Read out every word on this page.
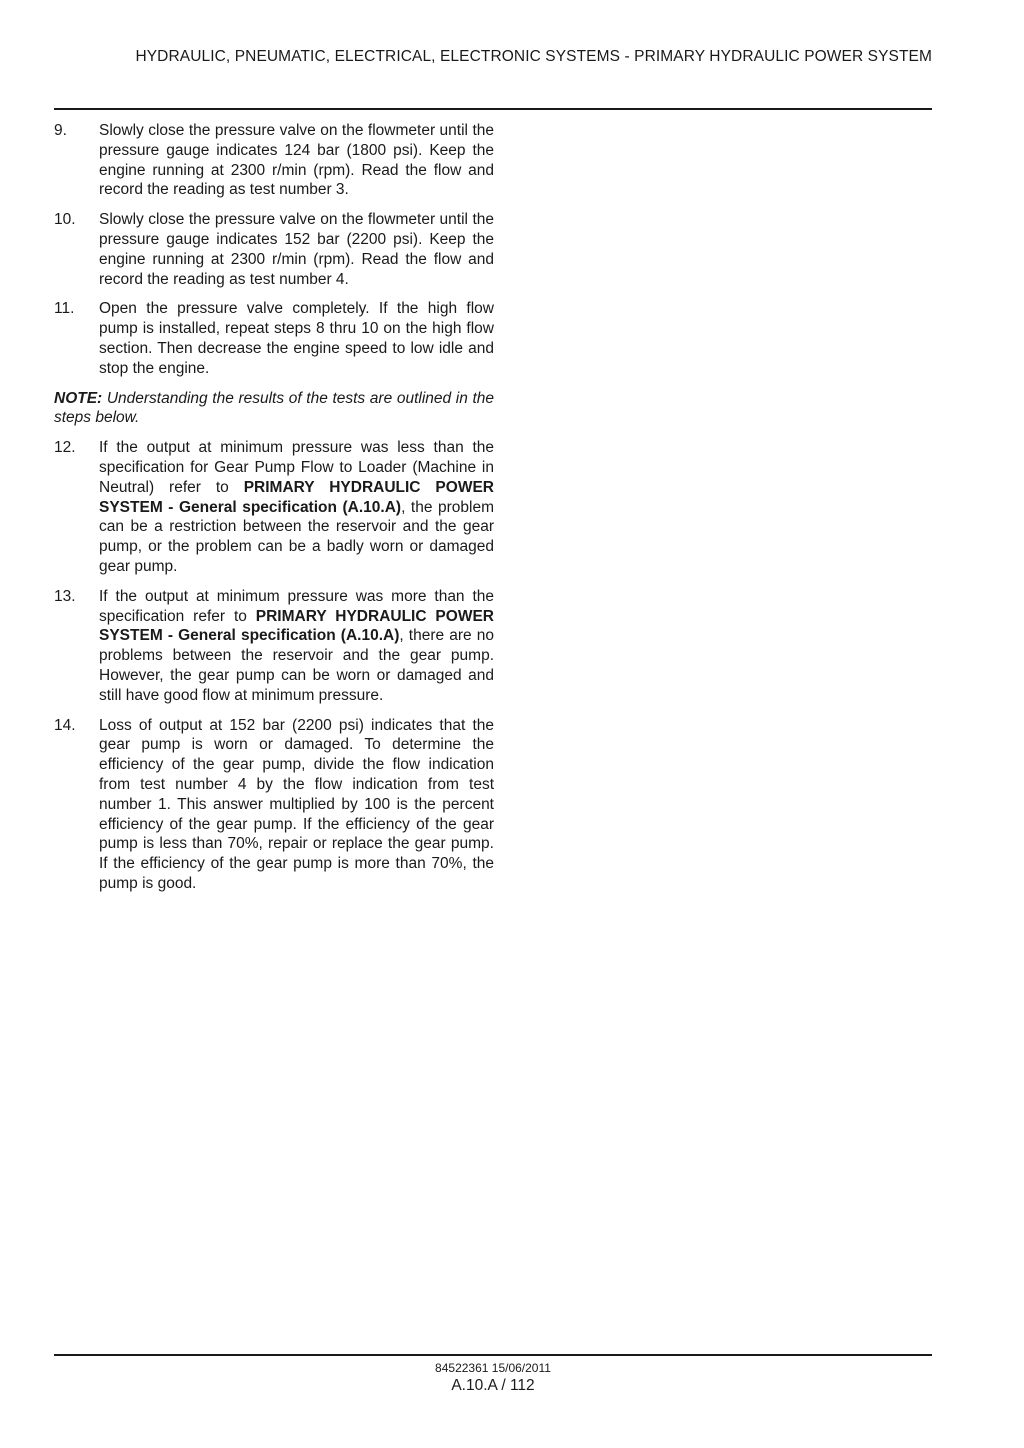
HYDRAULIC, PNEUMATIC, ELECTRICAL, ELECTRONIC SYSTEMS - PRIMARY HYDRAULIC POWER SYSTEM
9.	Slowly close the pressure valve on the flowmeter until the pressure gauge indicates 124 bar (1800 psi). Keep the engine running at 2300 r/min (rpm). Read the flow and record the reading as test number 3.
10.	Slowly close the pressure valve on the flowmeter until the pressure gauge indicates 152 bar (2200 psi). Keep the engine running at 2300 r/min (rpm). Read the flow and record the reading as test number 4.
11.	Open the pressure valve completely. If the high flow pump is installed, repeat steps 8 thru 10 on the high flow section. Then decrease the engine speed to low idle and stop the engine.
NOTE: Understanding the results of the tests are outlined in the steps below.
12.	If the output at minimum pressure was less than the specification for Gear Pump Flow to Loader (Machine in Neutral) refer to PRIMARY HYDRAULIC POWER SYSTEM - General specification (A.10.A), the problem can be a restriction between the reservoir and the gear pump, or the problem can be a badly worn or damaged gear pump.
13.	If the output at minimum pressure was more than the specification refer to PRIMARY HYDRAULIC POWER SYSTEM - General specification (A.10.A), there are no problems between the reservoir and the gear pump. However, the gear pump can be worn or damaged and still have good flow at minimum pressure.
14.	Loss of output at 152 bar (2200 psi) indicates that the gear pump is worn or damaged. To determine the efficiency of the gear pump, divide the flow indication from test number 4 by the flow indication from test number 1. This answer multiplied by 100 is the percent efficiency of the gear pump. If the efficiency of the gear pump is less than 70%, repair or replace the gear pump. If the efficiency of the gear pump is more than 70%, the pump is good.
84522361 15/06/2011
A.10.A / 112
